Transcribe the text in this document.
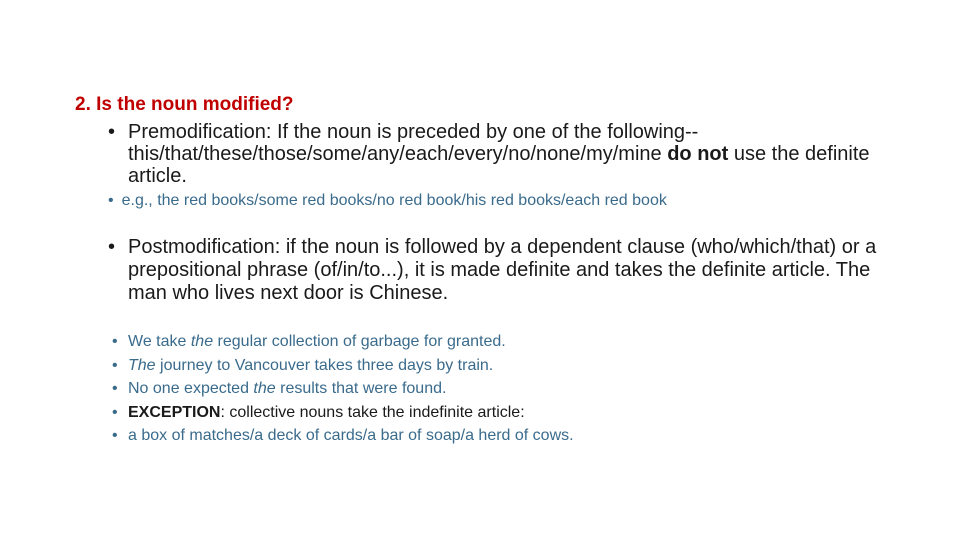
2. Is the noun modified?
• Premodification: If the noun is preceded by one of the following--this/that/these/those/some/any/each/every/no/none/my/mine do not use the definite article.
• e.g., the red books/some red books/no red book/his red books/each red book
• Postmodification: if the noun is followed by a dependent clause (who/which/that) or a prepositional phrase (of/in/to...), it is made definite and takes the definite article. The man who lives next door is Chinese.
• We take the regular collection of garbage for granted.
• The journey to Vancouver takes three days by train.
• No one expected the results that were found.
• EXCEPTION: collective nouns take the indefinite article:
• a box of matches/a deck of cards/a bar of soap/a herd of cows.
